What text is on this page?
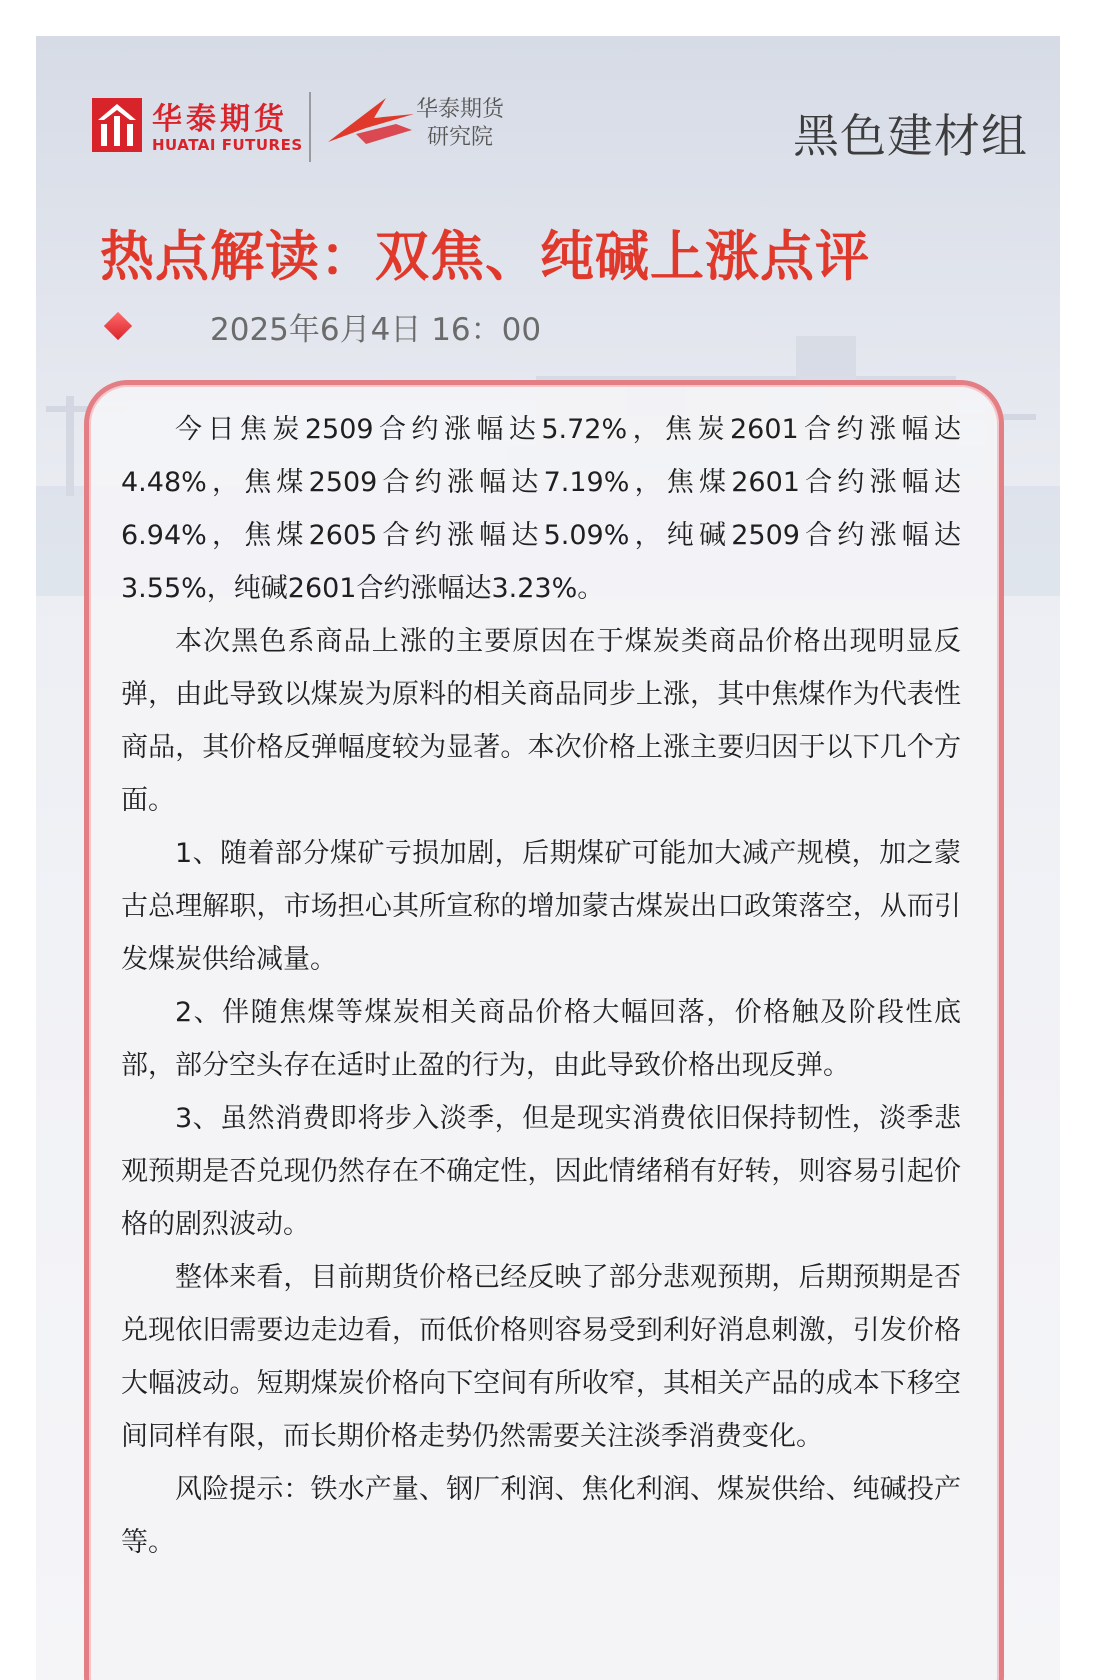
华泰期货
HUATAI FUTURES
华泰期货
研究院	黑色建材组
热点解读：双焦、纯碱上涨点评
2025年6月4日 16：00

今日焦炭2509合约涨幅达5.72%，焦炭2601合约涨幅达4.48%，焦煤2509合约涨幅达7.19%，焦煤2601合约涨幅达6.94%，焦煤2605合约涨幅达5.09%，纯碱2509合约涨幅达3.55%，纯碱2601合约涨幅达3.23%。

本次黑色系商品上涨的主要原因在于煤炭类商品价格出现明显反弹，由此导致以煤炭为原料的相关商品同步上涨，其中焦煤作为代表性商品，其价格反弹幅度较为显著。本次价格上涨主要归因于以下几个方面。

1、随着部分煤矿亏损加剧，后期煤矿可能加大减产规模，加之蒙古总理解职，市场担心其所宣称的增加蒙古煤炭出口政策落空，从而引发煤炭供给减量。

2、伴随焦煤等煤炭相关商品价格大幅回落，价格触及阶段性底部，部分空头存在适时止盈的行为，由此导致价格出现反弹。

3、虽然消费即将步入淡季，但是现实消费依旧保持韧性，淡季悲观预期是否兑现仍然存在不确定性，因此情绪稍有好转，则容易引起价格的剧烈波动。

整体来看，目前期货价格已经反映了部分悲观预期，后期预期是否兑现依旧需要边走边看，而低价格则容易受到利好消息刺激，引发价格大幅波动。短期煤炭价格向下空间有所收窄，其相关产品的成本下移空间同样有限，而长期价格走势仍然需要关注淡季消费变化。

风险提示：铁水产量、钢厂利润、焦化利润、煤炭供给、纯碱投产等。
